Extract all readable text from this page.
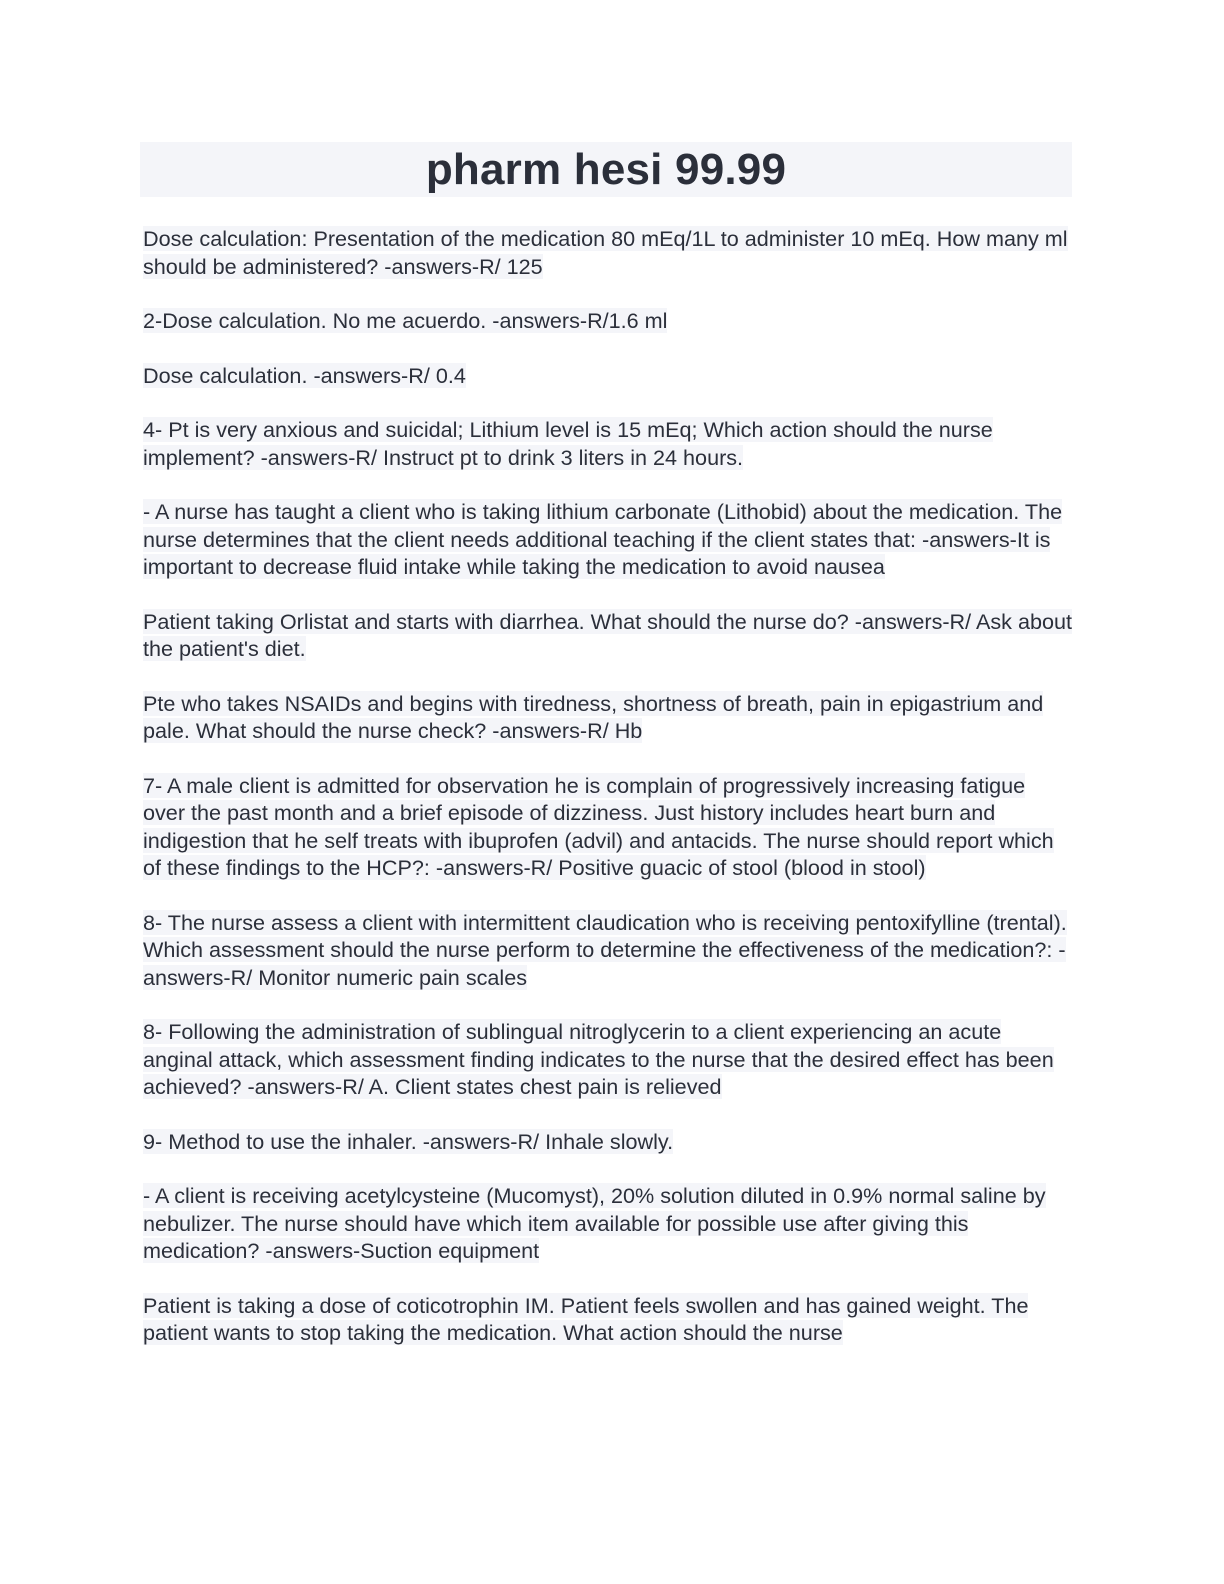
pharm hesi 99.99

Dose calculation: Presentation of the medication 80 mEq/1L to administer 10 mEq. How many ml should be administered? -answers-R/ 125

2-Dose calculation. No me acuerdo. -answers-R/1.6 ml

Dose calculation. -answers-R/ 0.4

4- Pt is very anxious and suicidal; Lithium level is 15 mEq; Which action should the nurse implement? -answers-R/ Instruct pt to drink 3 liters in 24 hours.

- A nurse has taught a client who is taking lithium carbonate (Lithobid) about the medication. The nurse determines that the client needs additional teaching if the client states that: -answers-It is important to decrease fluid intake while taking the medication to avoid nausea

Patient taking Orlistat and starts with diarrhea. What should the nurse do? -answers-R/ Ask about the patient's diet.

Pte who takes NSAIDs and begins with tiredness, shortness of breath, pain in epigastrium and pale. What should the nurse check? -answers-R/ Hb

7- A male client is admitted for observation he is complain of progressively increasing fatigue over the past month and a brief episode of dizziness. Just history includes heart burn and indigestion that he self treats with ibuprofen (advil) and antacids. The nurse should report which of these findings to the HCP?: -answers-R/ Positive guacic of stool (blood in stool)

8- The nurse assess a client with intermittent claudication who is receiving pentoxifylline (trental). Which assessment should the nurse perform to determine the effectiveness of the medication?: -answers-R/ Monitor numeric pain scales

8- Following the administration of sublingual nitroglycerin to a client experiencing an acute anginal attack, which assessment finding indicates to the nurse that the desired effect has been achieved? -answers-R/ A. Client states chest pain is relieved

9- Method to use the inhaler. -answers-R/ Inhale slowly.

- A client is receiving acetylcysteine (Mucomyst), 20% solution diluted in 0.9% normal saline by nebulizer. The nurse should have which item available for possible use after giving this medication? -answers-Suction equipment

Patient is taking a dose of coticotrophin IM. Patient feels swollen and has gained weight. The patient wants to stop taking the medication. What action should the nurse
